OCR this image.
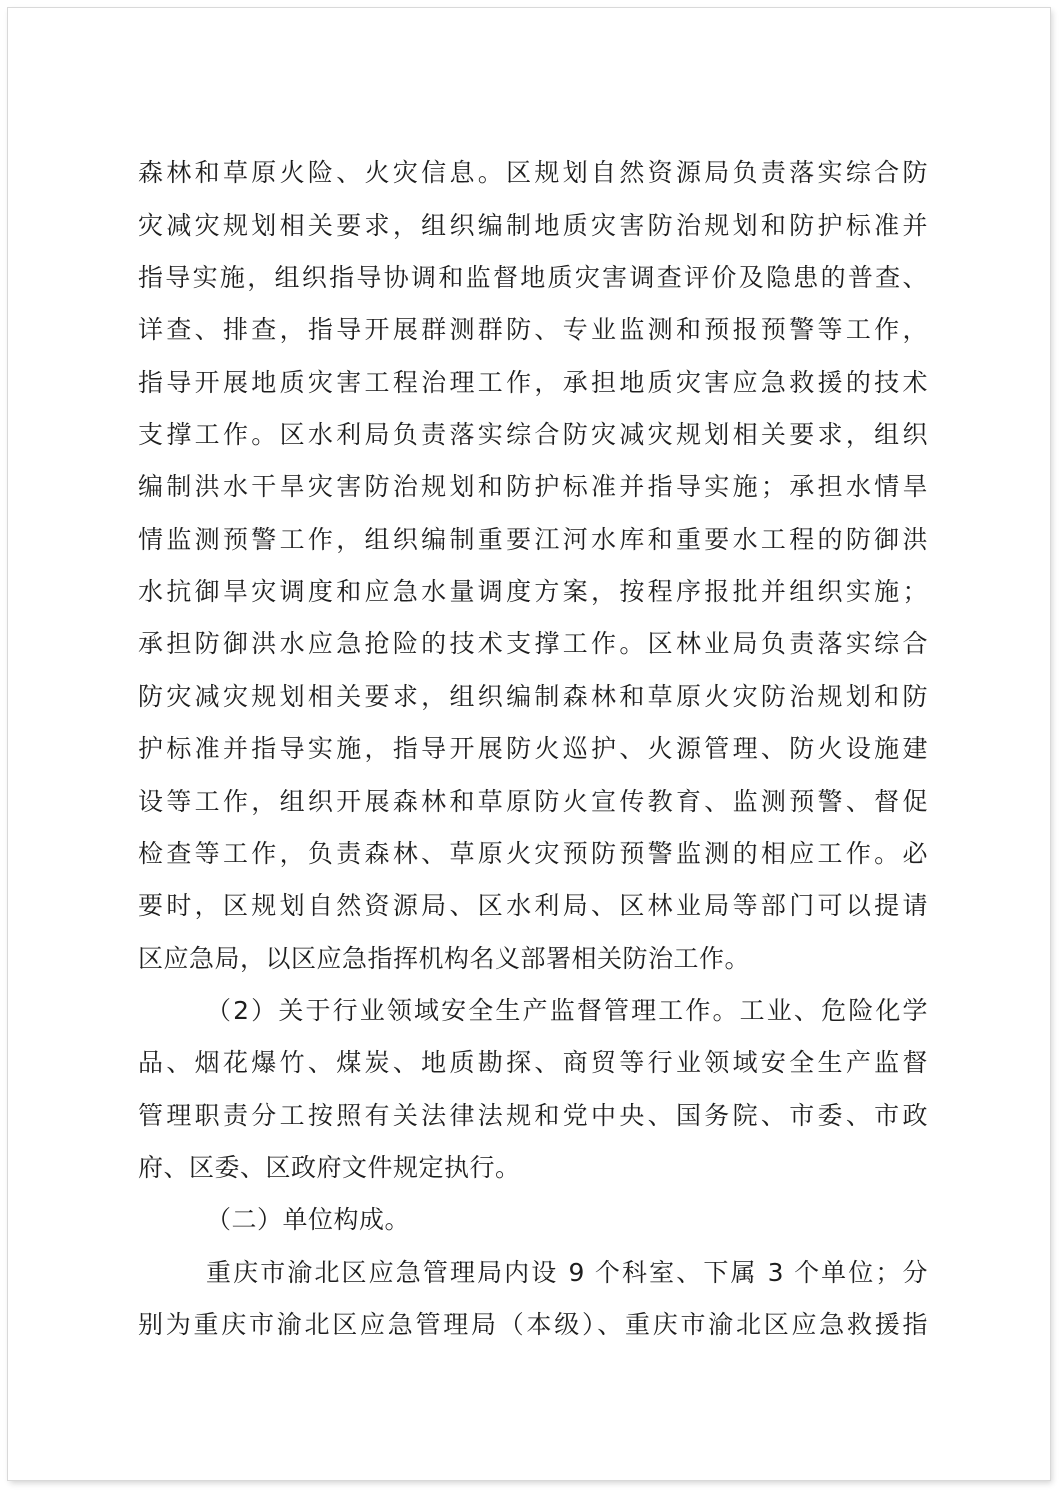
森林和草原火险、火灾信息。区规划自然资源局负责落实综合防
灾减灾规划相关要求，组织编制地质灾害防治规划和防护标准并
指导实施，组织指导协调和监督地质灾害调查评价及隐患的普查、
详查、排查，指导开展群测群防、专业监测和预报预警等工作，
指导开展地质灾害工程治理工作，承担地质灾害应急救援的技术
支撑工作。区水利局负责落实综合防灾减灾规划相关要求，组织
编制洪水干旱灾害防治规划和防护标准并指导实施；承担水情旱
情监测预警工作，组织编制重要江河水库和重要水工程的防御洪
水抗御旱灾调度和应急水量调度方案，按程序报批并组织实施；
承担防御洪水应急抢险的技术支撑工作。区林业局负责落实综合
防灾减灾规划相关要求，组织编制森林和草原火灾防治规划和防
护标准并指导实施，指导开展防火巡护、火源管理、防火设施建
设等工作，组织开展森林和草原防火宣传教育、监测预警、督促
检查等工作，负责森林、草原火灾预防预警监测的相应工作。必
要时，区规划自然资源局、区水利局、区林业局等部门可以提请
区应急局，以区应急指挥机构名义部署相关防治工作。
（2）关于行业领域安全生产监督管理工作。工业、危险化学
品、烟花爆竹、煤炭、地质勘探、商贸等行业领域安全生产监督
管理职责分工按照有关法律法规和党中央、国务院、市委、市政
府、区委、区政府文件规定执行。
（二）单位构成。
重庆市渝北区应急管理局内设 9 个科室、下属 3 个单位；分
别为重庆市渝北区应急管理局（本级）、重庆市渝北区应急救援指
